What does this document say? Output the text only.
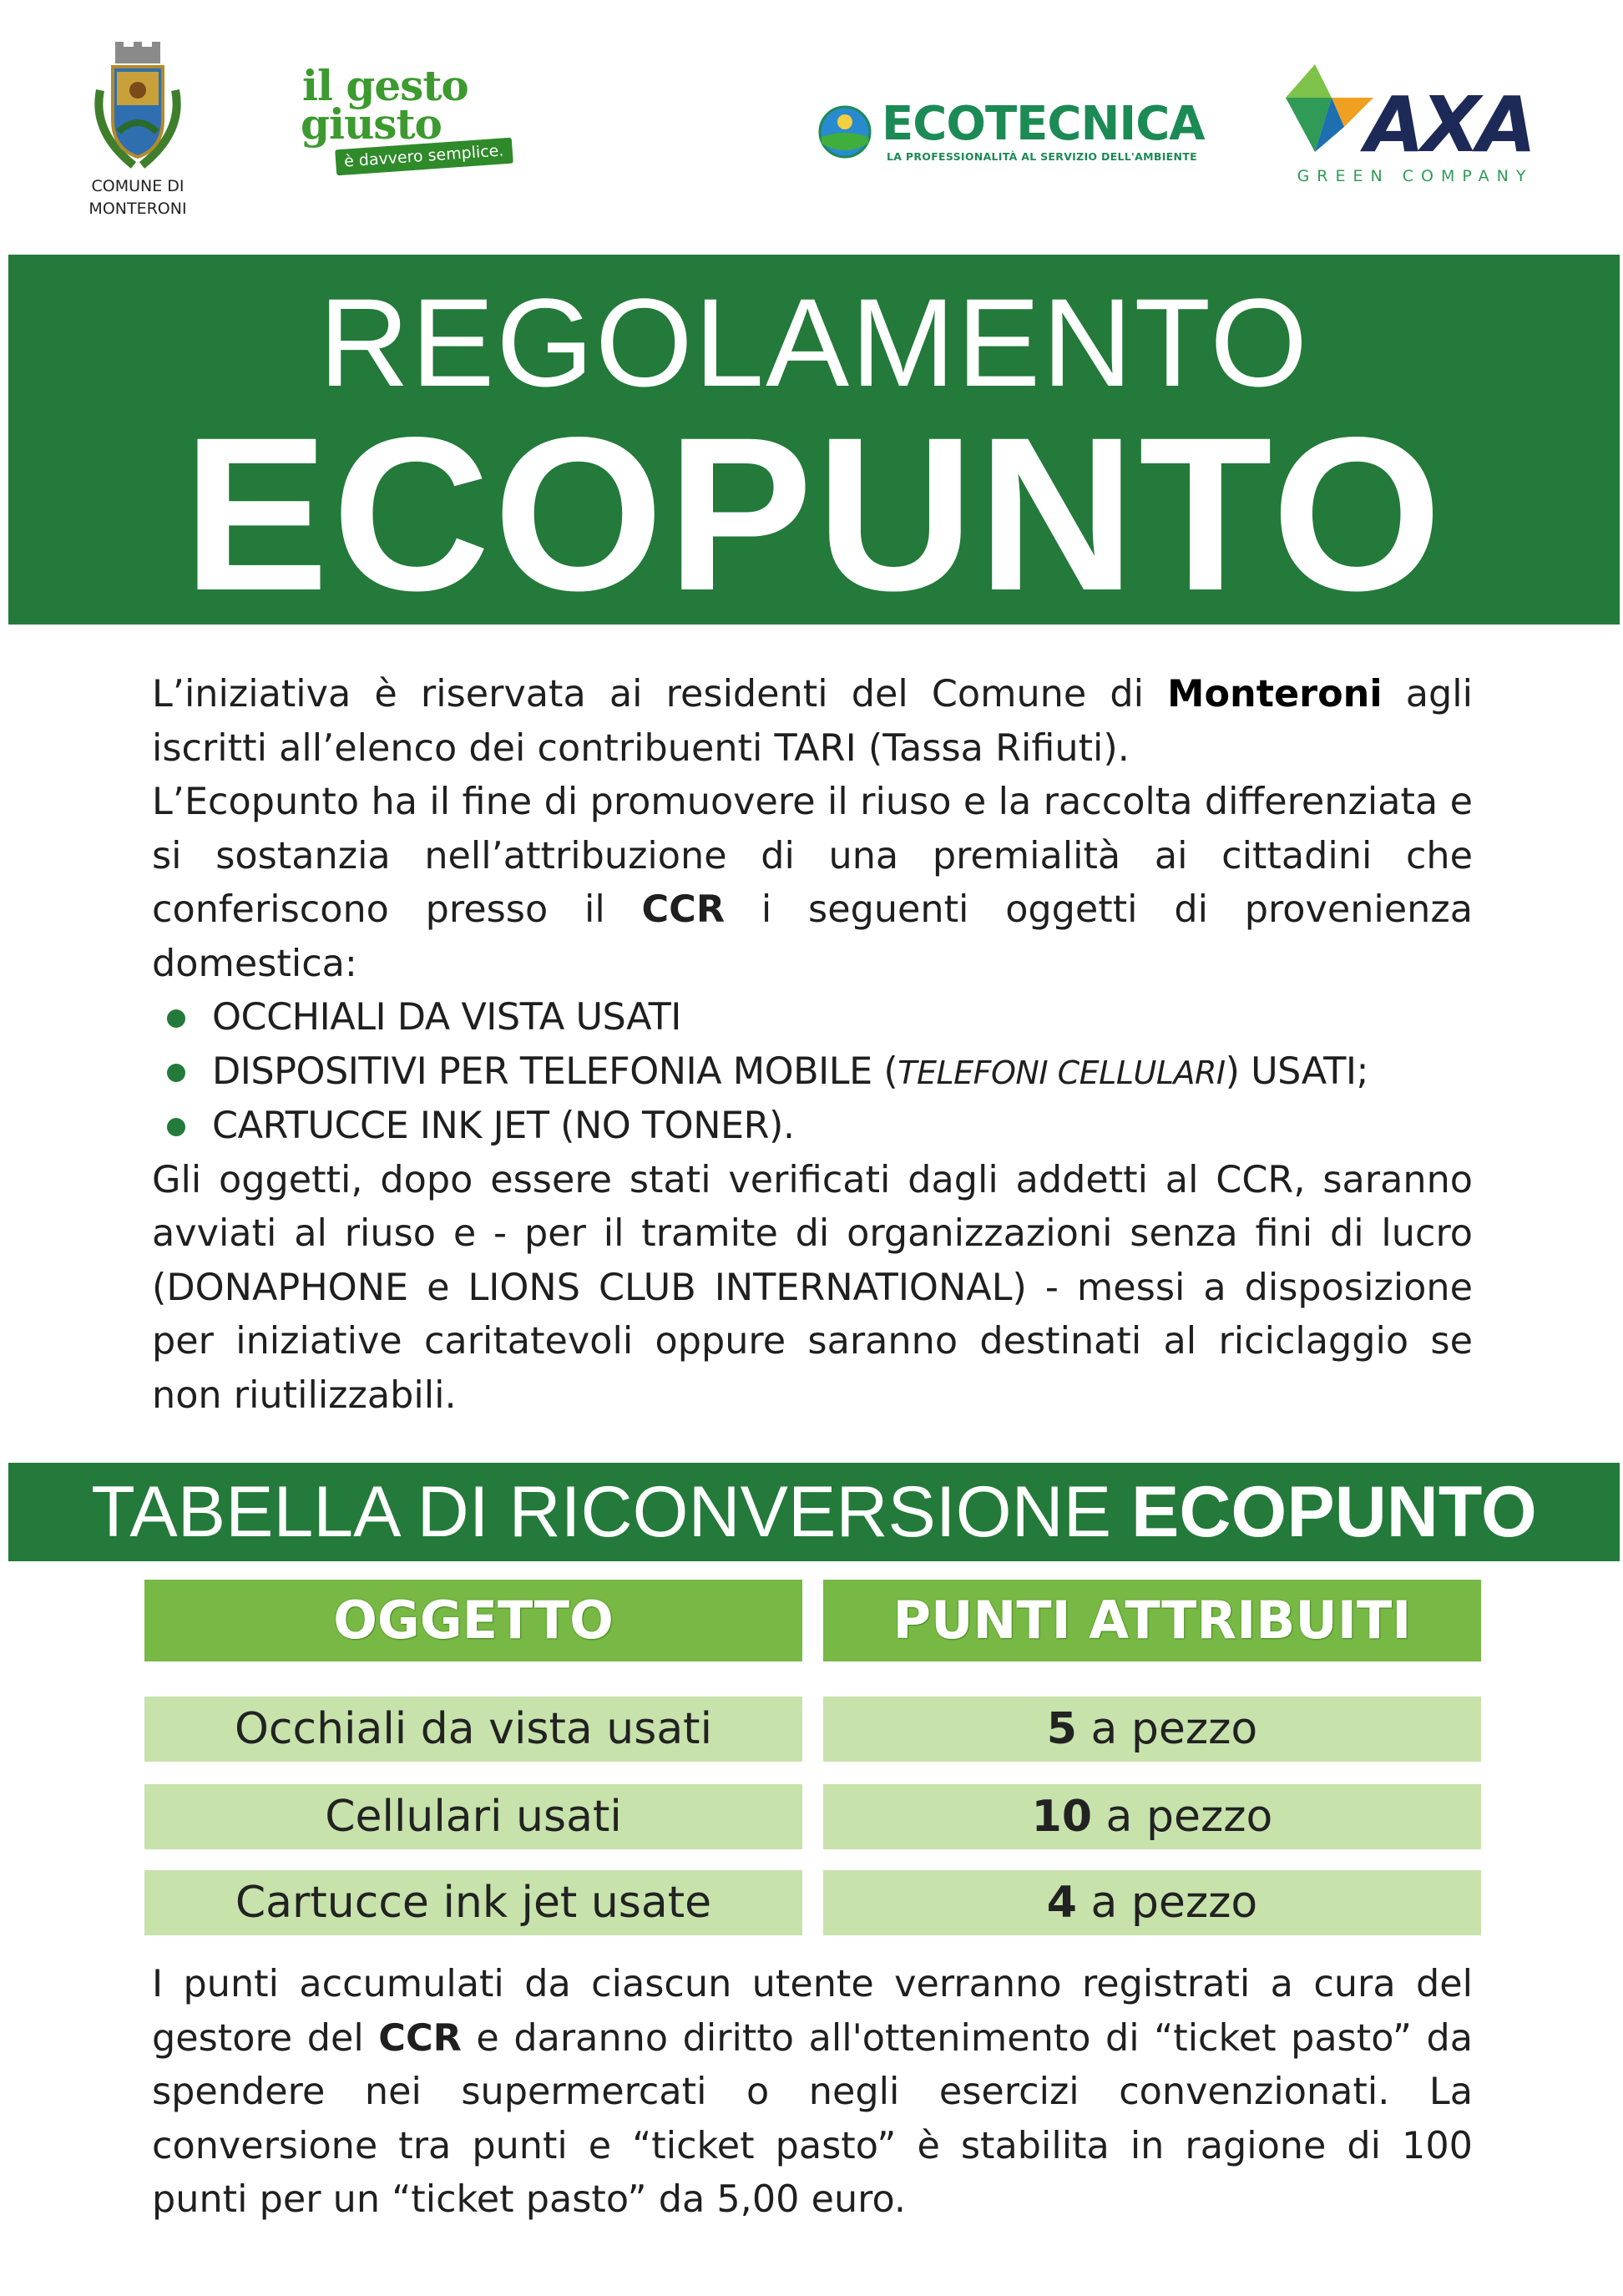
COMUNE DI
MONTERONI
il gesto
giusto
è davvero semplice.
ECOTECNICA
LA PROFESSIONALITÀ AL SERVIZIO DELL'AMBIENTE AXA
GREEN COMPANY
REGOLAMENTO
ECOPUNTO

L’iniziativa è riservata ai residenti del Comune di Monteroni agli iscritti all’elenco dei contribuenti TARI (Tassa Rifiuti).

L’Ecopunto ha il fine di promuovere il riuso e la raccolta differenziata e si sostanzia nell’attribuzione di una premialità ai cittadini che conferiscono presso il CCR i seguenti oggetti di provenienza domestica:

OCCHIALI DA VISTA USATI
DISPOSITIVI PER TELEFONIA MOBILE (TELEFONI CELLULARI) USATI;
CARTUCCE INK JET (NO TONER).

Gli oggetti, dopo essere stati verificati dagli addetti al CCR, saranno avviati al riuso e - per il tramite di organizzazioni senza fini di lucro (DONAPHONE e LIONS CLUB INTERNATIONAL) - messi a disposizione per iniziative caritatevoli oppure saranno destinati al riciclaggio se non riutilizzabili.

TABELLA DI RICONVERSIONE ECOPUNTO
OGGETTO	PUNTI ATTRIBUITI
Occhiali da vista usati	5 a pezzo
Cellulari usati	10 a pezzo
Cartucce ink jet usate	4 a pezzo

I punti accumulati da ciascun utente verranno registrati a cura del gestore del CCR e daranno diritto all'ottenimento di “ticket pasto” da spendere nei supermercati o negli esercizi convenzionati. La conversione tra punti e “ticket pasto” è stabilita in ragione di 100 punti per un “ticket pasto” da 5,00 euro.
